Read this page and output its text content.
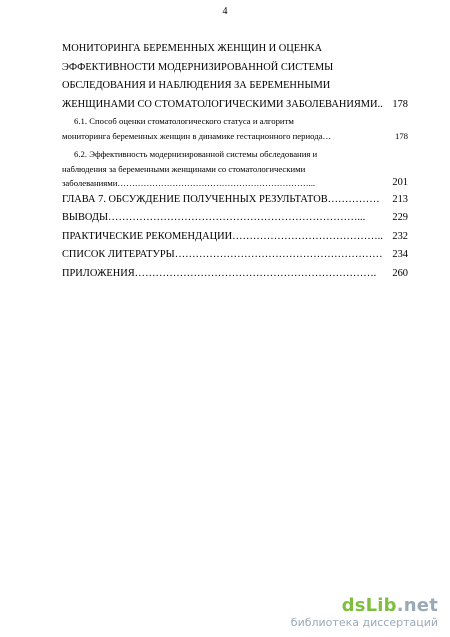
4
МОНИТОРИНГА БЕРЕМЕННЫХ ЖЕНЩИН И ОЦЕНКА
ЭФФЕКТИВНОСТИ МОДЕРНИЗИРОВАННОЙ СИСТЕМЫ
ОБСЛЕДОВАНИЯ И НАБЛЮДЕНИЯ ЗА БЕРЕМЕННЫМИ
ЖЕНЩИНАМИ СО СТОМАТОЛОГИЧЕСКИМИ ЗАБОЛЕВАНИЯМИ.. 178
6.1. Способ оценки стоматологического статуса и алгоритм
мониторинга беременных женщин в динамике гестационного периода…	178
6.2. Эффективность модернизированной системы обследования и
наблюдения за беременными женщинами со стоматологическими
заболеваниями…………………………………………………………...	201
ГЛАВА 7. ОБСУЖДЕНИЕ ПОЛУЧЕННЫХ РЕЗУЛЬТАТОВ……………	213
ВЫВОДЫ………………………………………………………………...	229
ПРАКТИЧЕСКИЕ РЕКОМЕНДАЦИИ…………………………………….. 232
СПИСОК ЛИТЕРАТУРЫ…………………………………………………… 234
ПРИЛОЖЕНИЯ…………………………………………………………….	260
dsLib.net
библиотека диссертаций
